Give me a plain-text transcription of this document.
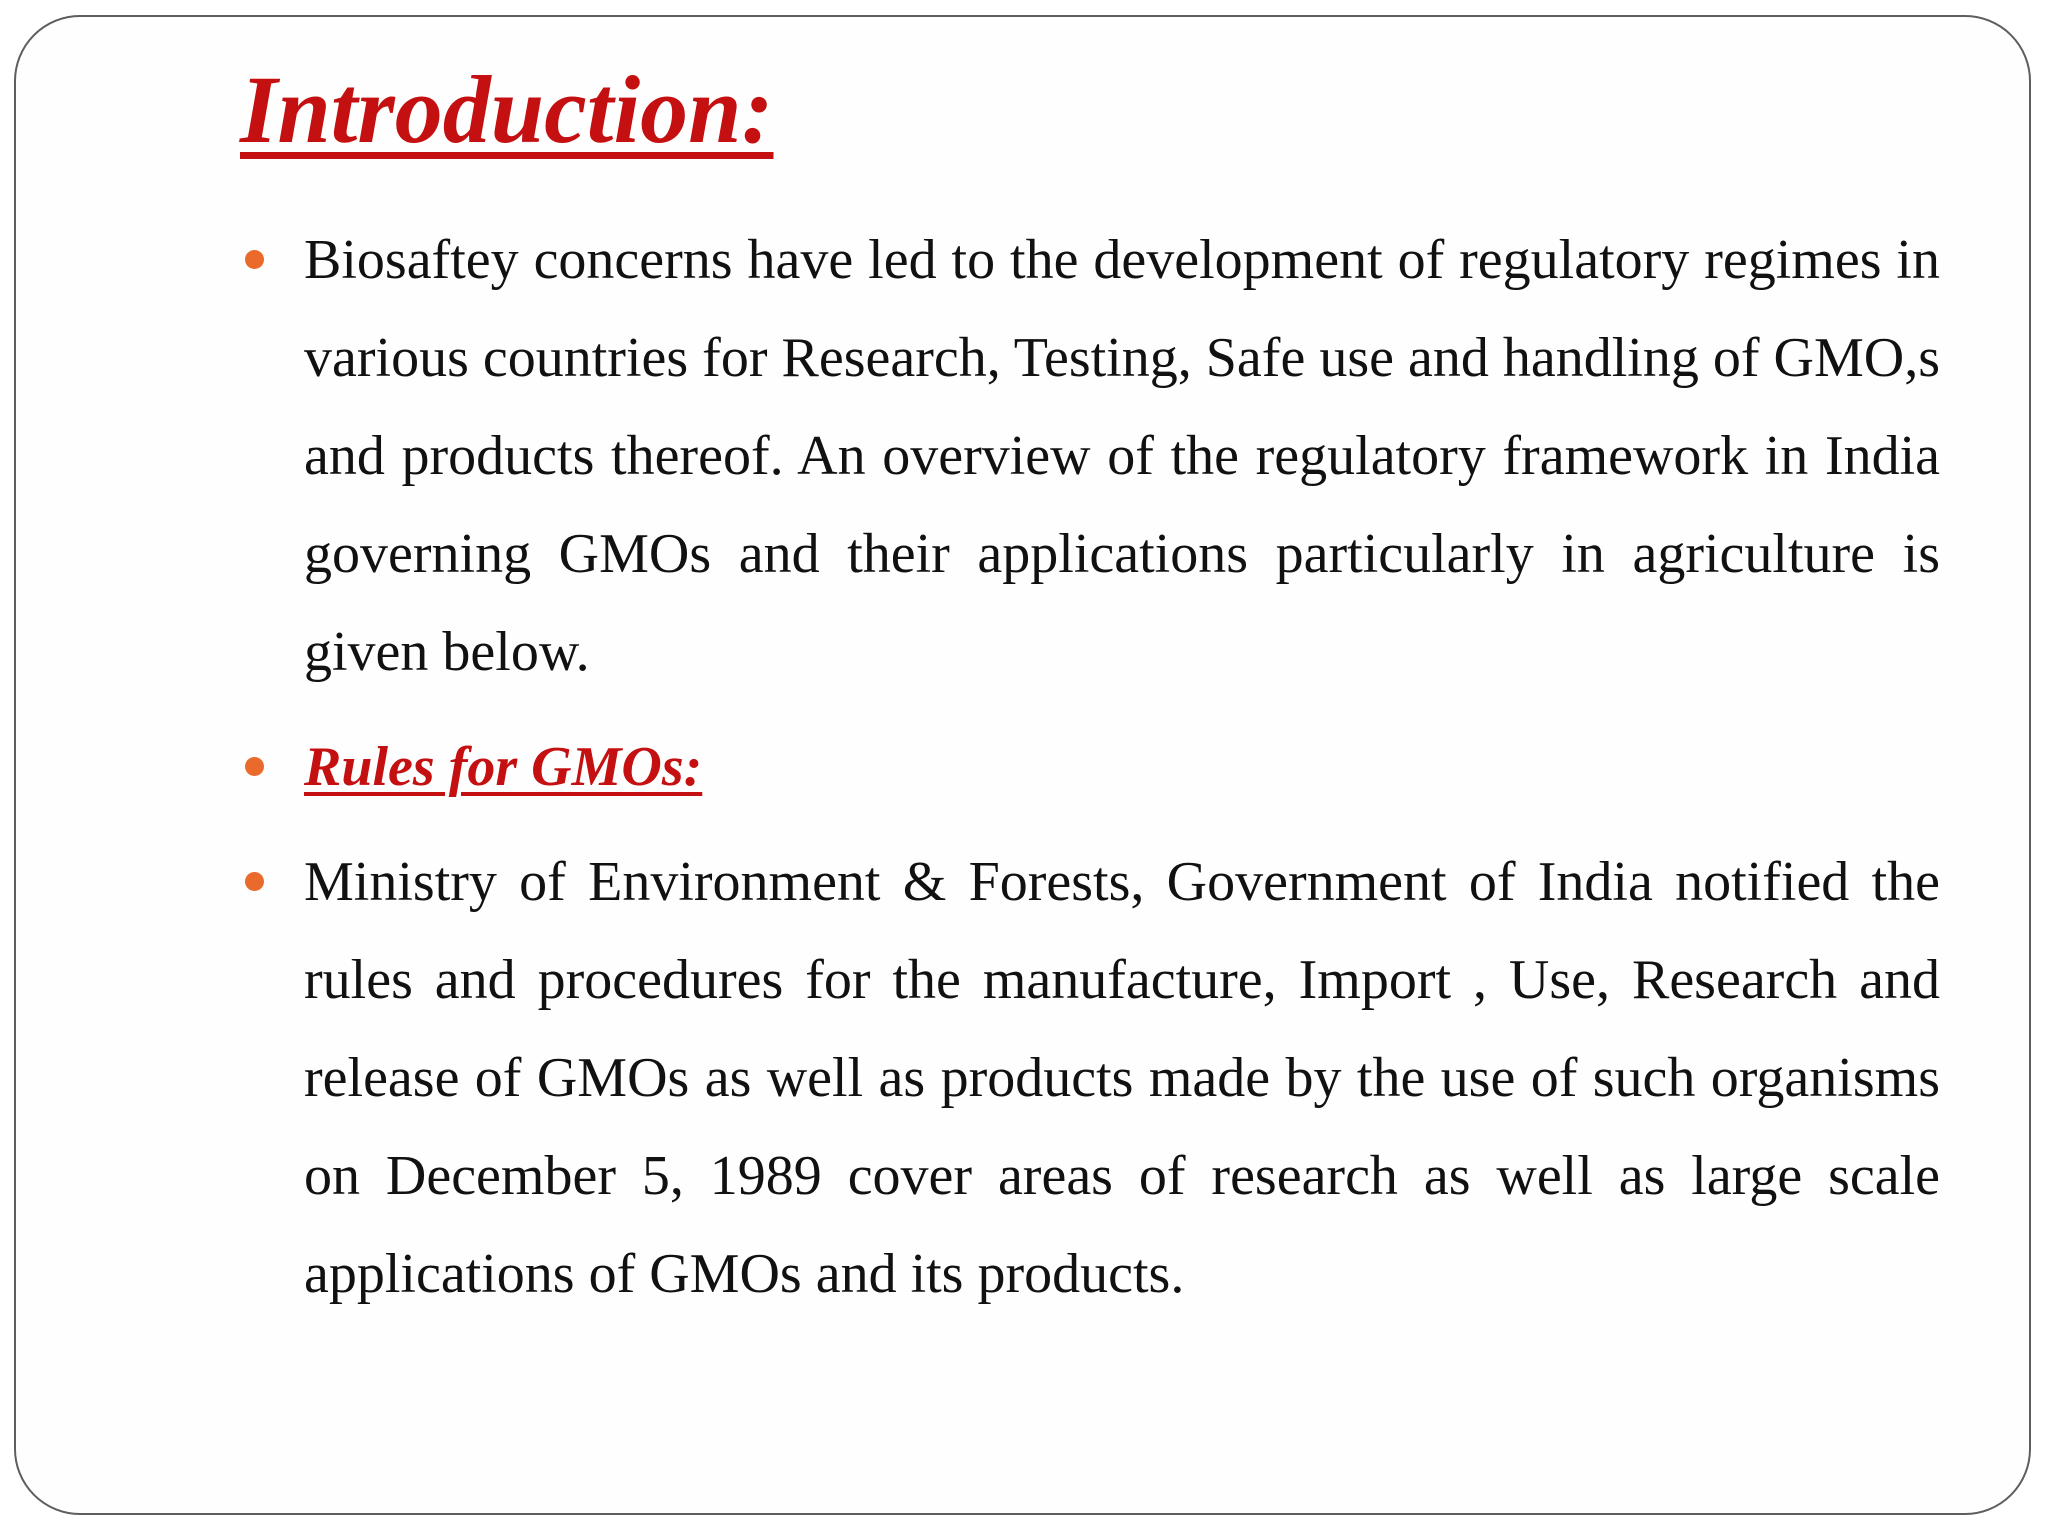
Introduction:
Biosaftey concerns have led to the development of regulatory regimes in various countries for Research, Testing, Safe use and handling of GMO,s and products thereof. An overview of the regulatory framework in India governing GMOs and their applications particularly in agriculture is given below.
Rules for GMOs:
Ministry of Environment & Forests, Government of India notified the rules and procedures for the manufacture, Import , Use, Research and release of GMOs as well as products made by the use of such organisms on December 5, 1989 cover areas of research as well as large scale applications of GMOs and its products.
